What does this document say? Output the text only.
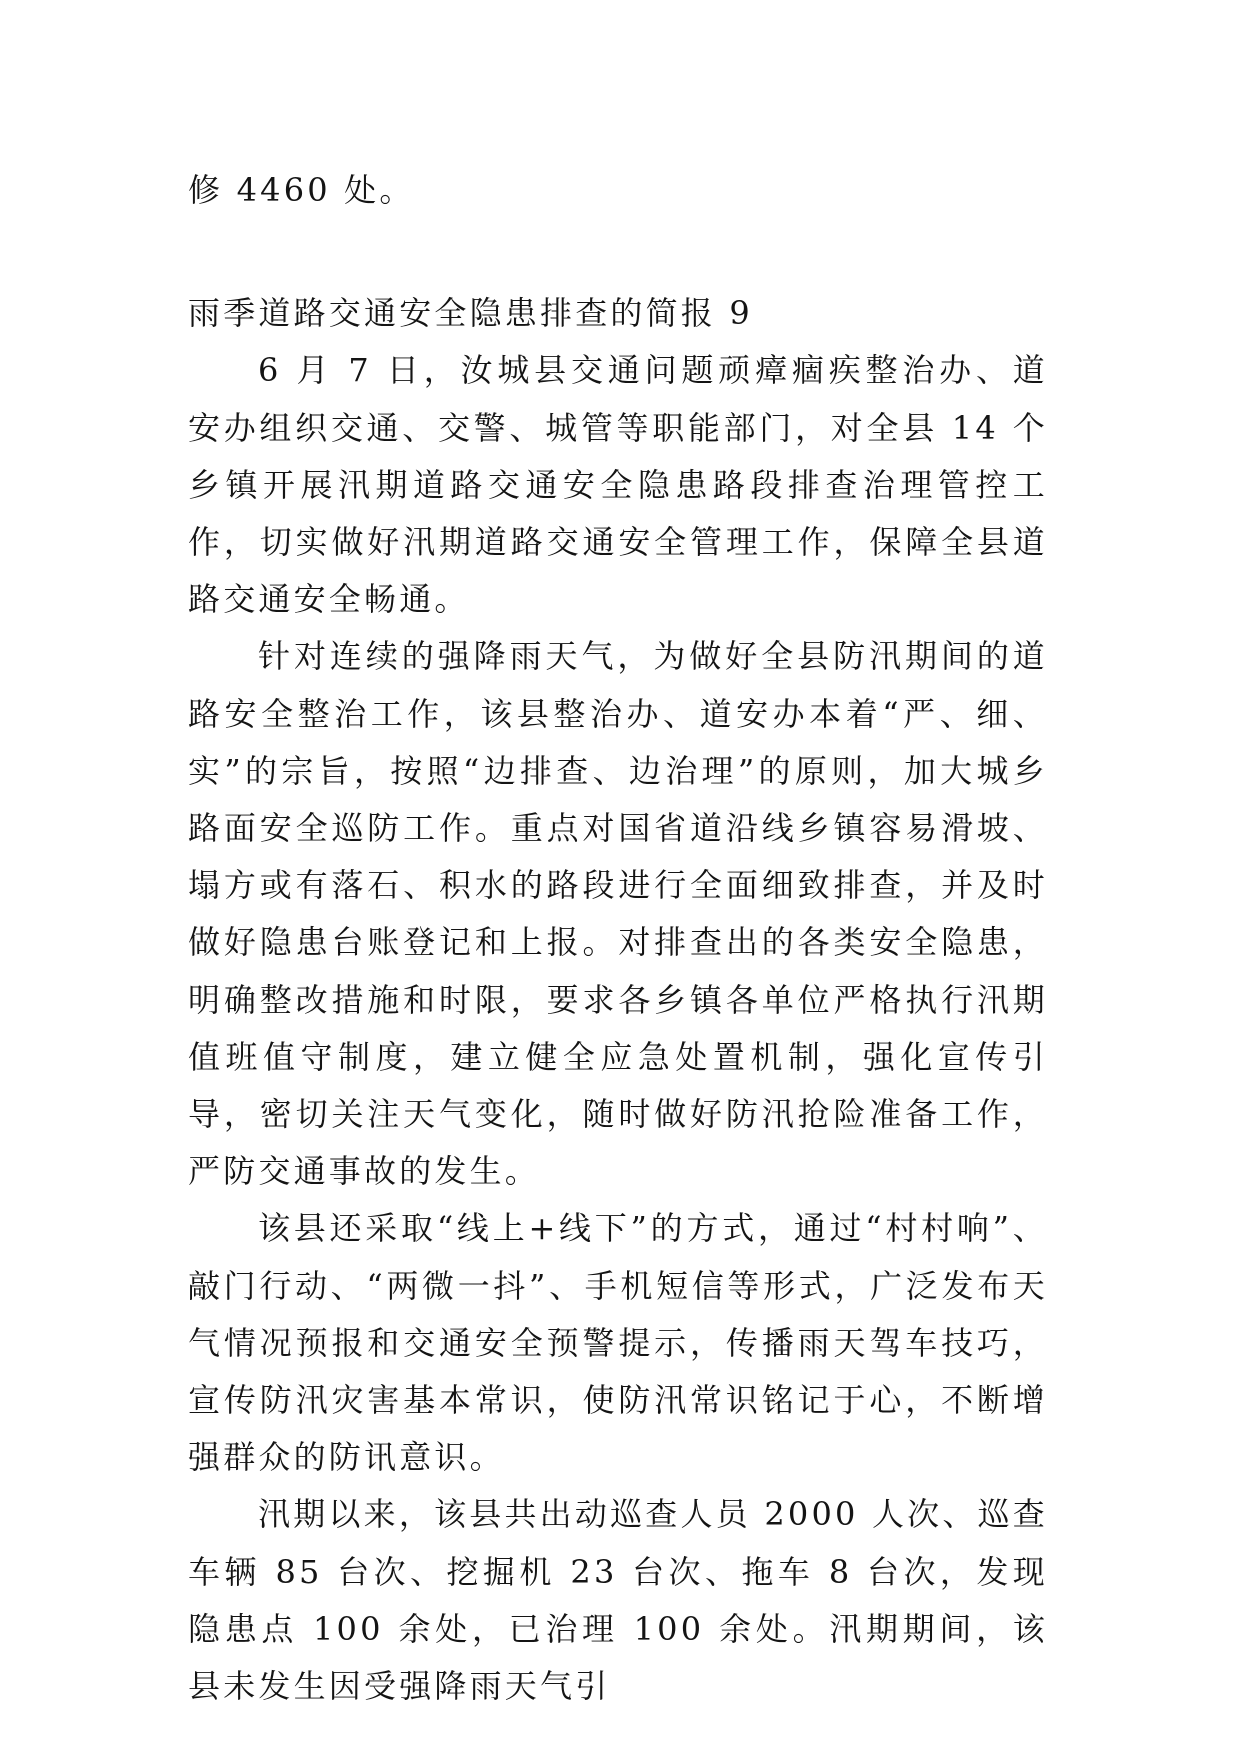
修 4460 处。

雨季道路交通安全隐患排查的简报 9

6 月 7 日，汝城县交通问题顽瘴痼疾整治办、道安办组织交通、交警、城管等职能部门，对全县 14 个乡镇开展汛期道路交通安全隐患路段排查治理管控工作，切实做好汛期道路交通安全管理工作，保障全县道路交通安全畅通。

针对连续的强降雨天气，为做好全县防汛期间的道路安全整治工作，该县整治办、道安办本着“严、细、实”的宗旨，按照“边排查、边治理”的原则，加大城乡路面安全巡防工作。重点对国省道沿线乡镇容易滑坡、塌方或有落石、积水的路段进行全面细致排查，并及时做好隐患台账登记和上报。对排查出的各类安全隐患，明确整改措施和时限，要求各乡镇各单位严格执行汛期值班值守制度，建立健全应急处置机制，强化宣传引导，密切关注天气变化，随时做好防汛抢险准备工作，严防交通事故的发生。

该县还采取“线上+线下”的方式，通过“村村响”、敲门行动、“两微一抖”、手机短信等形式，广泛发布天气情况预报和交通安全预警提示，传播雨天驾车技巧，宣传防汛灾害基本常识，使防汛常识铭记于心，不断增强群众的防讯意识。

汛期以来，该县共出动巡查人员 2000 人次、巡查车辆 85 台次、挖掘机 23 台次、拖车 8 台次，发现隐患点 100 余处，已治理 100 余处。汛期期间，该县未发生因受强降雨天气引
